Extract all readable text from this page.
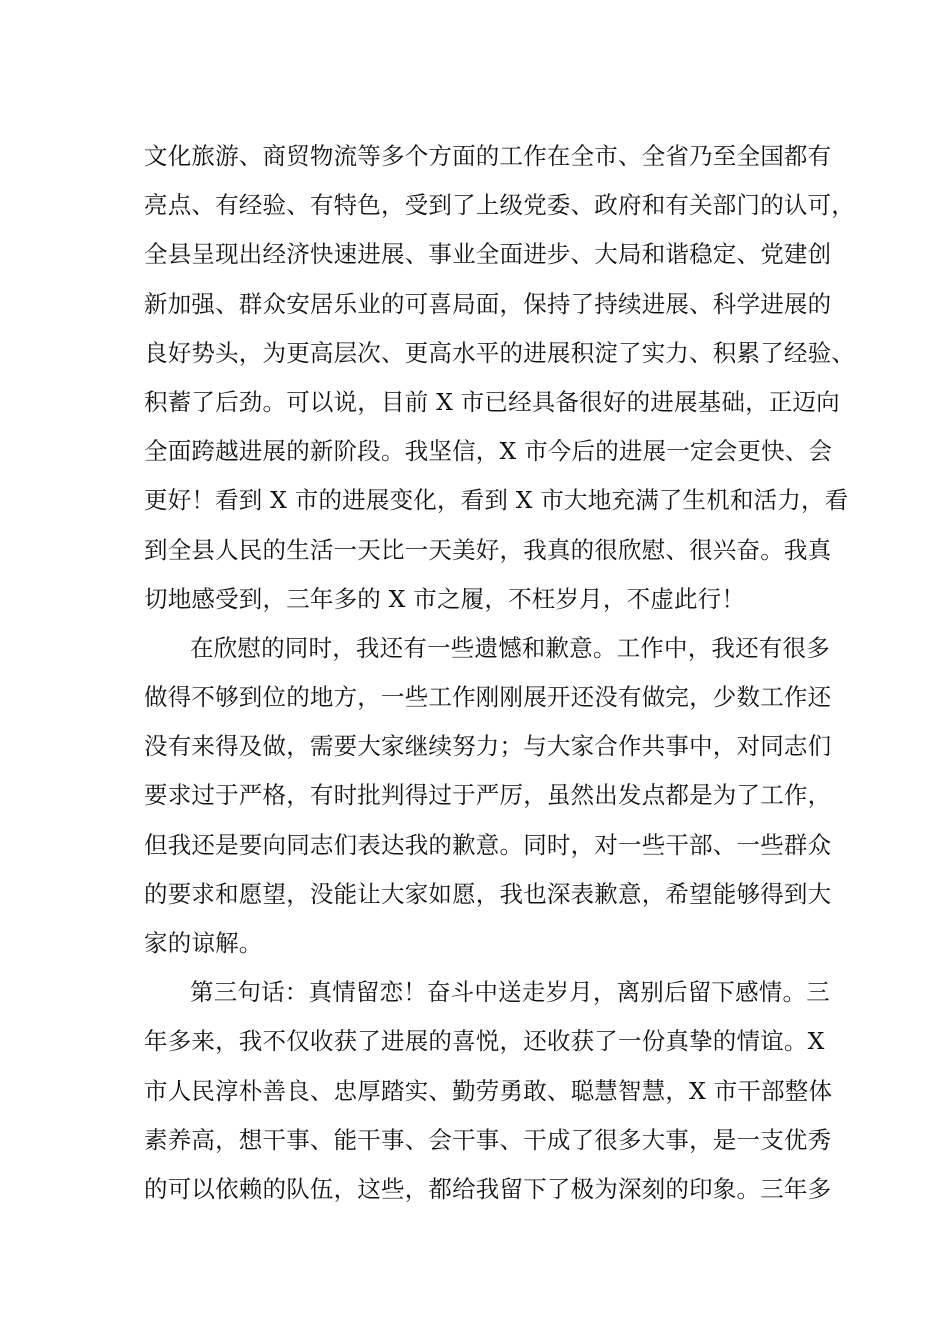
文化旅游、商贸物流等多个方面的工作在全市、全省乃至全国都有
亮点、有经验、有特色，受到了上级党委、政府和有关部门的认可，
全县呈现出经济快速进展、事业全面进步、大局和谐稳定、党建创
新加强、群众安居乐业的可喜局面，保持了持续进展、科学进展的
良好势头，为更高层次、更高水平的进展积淀了实力、积累了经验、
积蓄了后劲。可以说，目前 X 市已经具备很好的进展基础，正迈向
全面跨越进展的新阶段。我坚信，X 市今后的进展一定会更快、会
更好！看到 X 市的进展变化，看到 X 市大地充满了生机和活力，看
到全县人民的生活一天比一天美好，我真的很欣慰、很兴奋。我真
切地感受到，三年多的 X 市之履，不枉岁月，不虚此行！
在欣慰的同时，我还有一些遗憾和歉意。工作中，我还有很多
做得不够到位的地方，一些工作刚刚展开还没有做完，少数工作还
没有来得及做，需要大家继续努力；与大家合作共事中，对同志们
要求过于严格，有时批判得过于严厉，虽然出发点都是为了工作，
但我还是要向同志们表达我的歉意。同时，对一些干部、一些群众
的要求和愿望，没能让大家如愿，我也深表歉意，希望能够得到大
家的谅解。
第三句话：真情留恋！奋斗中送走岁月，离别后留下感情。三
年多来，我不仅收获了进展的喜悦，还收获了一份真挚的情谊。X
市人民淳朴善良、忠厚踏实、勤劳勇敢、聪慧智慧，X 市干部整体
素养高，想干事、能干事、会干事、干成了很多大事，是一支优秀
的可以依赖的队伍，这些，都给我留下了极为深刻的印象。三年多
